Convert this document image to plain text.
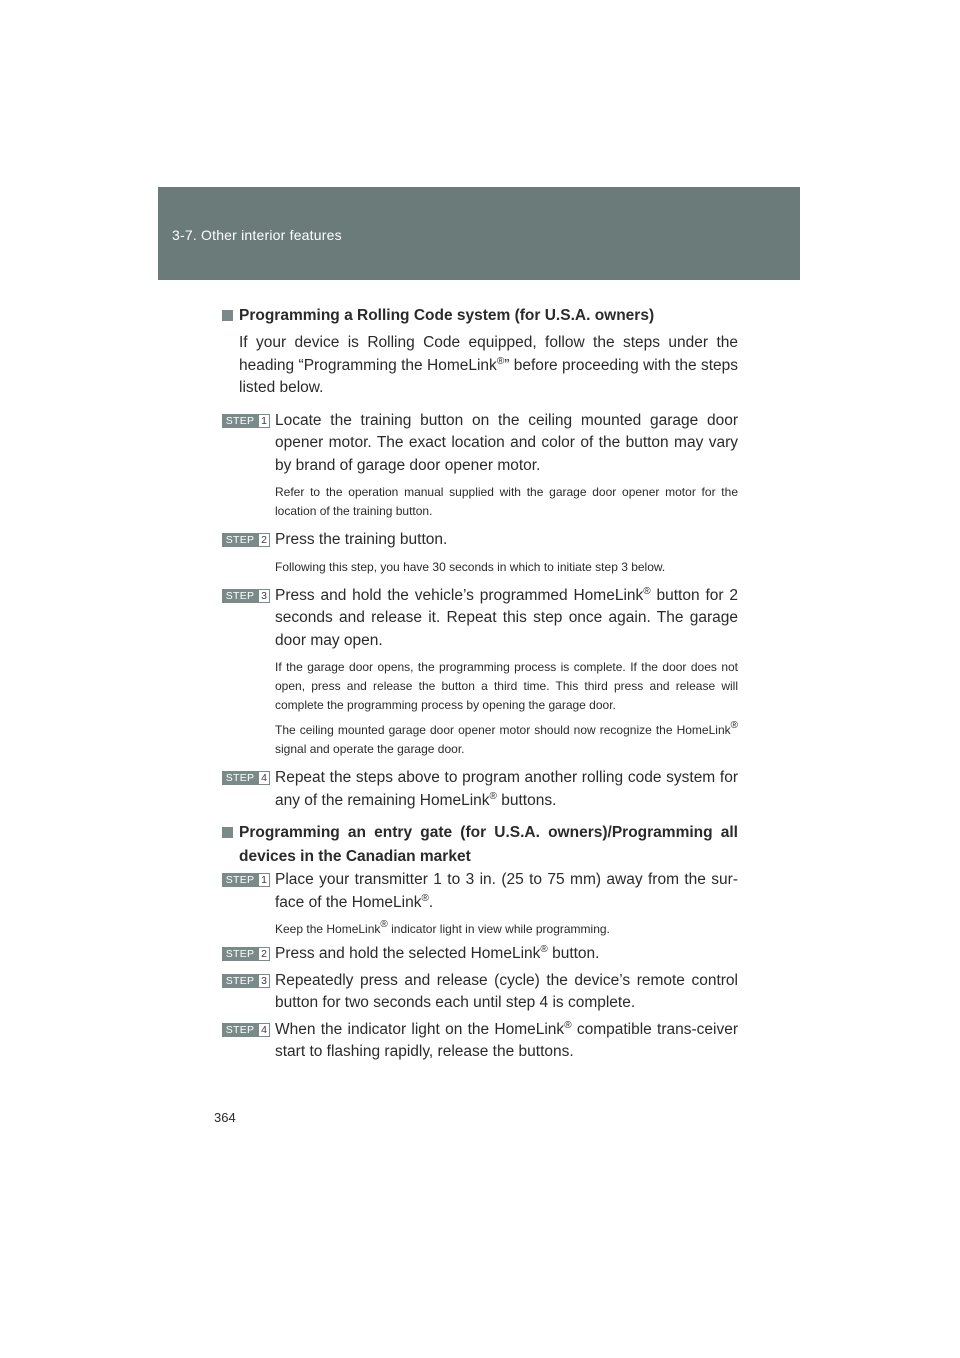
3-7. Other interior features

Programming a Rolling Code system (for U.S.A. owners)

If your device is Rolling Code equipped, follow the steps under the heading “Programming the HomeLink®” before proceeding with the steps listed below.

STEP 1 Locate the training button on the ceiling mounted garage door opener motor. The exact location and color of the button may vary by brand of garage door opener motor.

Refer to the operation manual supplied with the garage door opener motor for the location of the training button.

STEP 2 Press the training button.

Following this step, you have 30 seconds in which to initiate step 3 below.

STEP 3 Press and hold the vehicle’s programmed HomeLink® button for 2 seconds and release it. Repeat this step once again. The garage door may open.

If the garage door opens, the programming process is complete. If the door does not open, press and release the button a third time. This third press and release will complete the programming process by opening the garage door.

The ceiling mounted garage door opener motor should now recognize the HomeLink® signal and operate the garage door.

STEP 4 Repeat the steps above to program another rolling code system for any of the remaining HomeLink® buttons.

Programming an entry gate (for U.S.A. owners)/Programming all devices in the Canadian market

STEP 1 Place your transmitter 1 to 3 in. (25 to 75 mm) away from the sur-face of the HomeLink®.

Keep the HomeLink® indicator light in view while programming.

STEP 2 Press and hold the selected HomeLink® button.

STEP 3 Repeatedly press and release (cycle) the device’s remote control button for two seconds each until step 4 is complete.

STEP 4 When the indicator light on the HomeLink® compatible trans-ceiver start to flashing rapidly, release the buttons.

364
